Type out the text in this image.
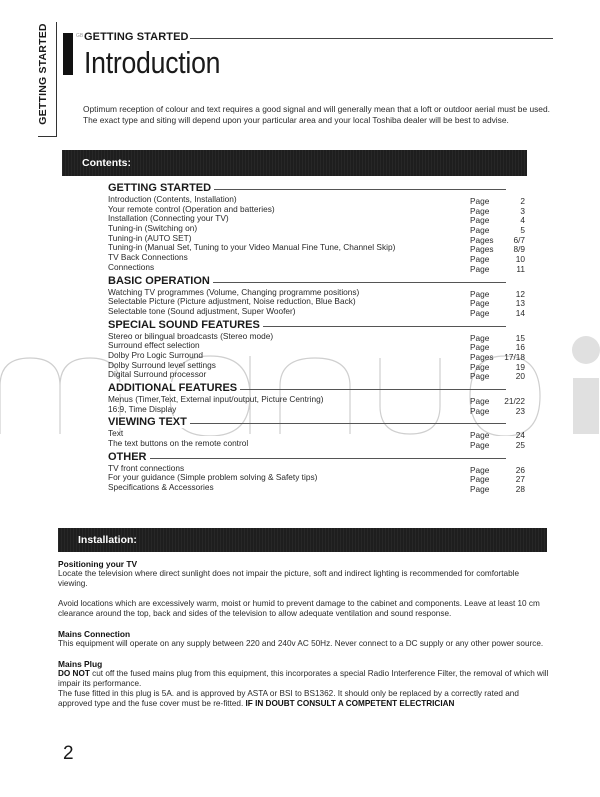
GETTING STARTED	GB GETTING STARTED
Introduction
Optimum reception of colour and text requires a good signal and will generally mean that a loft or outdoor aerial must be used. The exact type and siting will depend upon your particular area and your local Toshiba dealer will be best to advise.
Contents:
GETTING STARTED
Introduction (Contents, Installation)	Page	2
Your remote control (Operation and batteries)	Page	3
Installation (Connecting your TV)	Page	4
Tuning-in (Switching on)	Page	5
Tuning-in (AUTO SET)	Pages	6/7
Tuning-in (Manual Set, Tuning to your Video Manual Fine Tune, Channel Skip)	Pages	8/9
TV Back Connections	Page	10
Connections	Page	11
BASIC OPERATION
Watching TV programmes (Volume, Changing programme positions)	Page	12
Selectable Picture (Picture adjustment, Noise reduction, Blue Back)	Page	13
Selectable tone (Sound adjustment, Super Woofer)	Page	14
SPECIAL SOUND FEATURES
Stereo or bilingual broadcasts (Stereo mode)	Page	15
Surround effect selection	Page	16
Dolby Pro Logic Surround	Pages	17/18
Dolby Surround level settings	Page	19
Digital Surround processor	Page	20
ADDITIONAL FEATURES
Menus (Timer,Text, External input/output, Picture Centring)	Page	21/22
16:9, Time Display	Page	23
VIEWING TEXT
Text	Page	24
The text buttons on the remote control	Page	25
OTHER
TV front connections	Page	26
For your guidance (Simple problem solving & Safety tips)	Page	27
Specifications & Accessories	Page	28
Installation:
Positioning your TV

Locate the television where direct sunlight does not impair the picture, soft and indirect lighting is recommended for comfortable viewing.

Avoid locations which are excessively warm, moist or humid to prevent damage to the cabinet and components. Leave at least 10 cm clearance around the top, back and sides of the television to allow adequate ventilation and sound response.

Mains Connection

This equipment will operate on any supply between 220 and 240v AC 50Hz. Never connect to a DC supply or any other power source.

Mains Plug

DO NOT cut off the fused mains plug from this equipment, this incorporates a special Radio Interference Filter, the removal of which will impair its performance.

The fuse fitted in this plug is 5A. and is approved by ASTA or BSI to BS1362. It should only be replaced by a correctly rated and approved type and the fuse cover must be re-fitted. IF IN DOUBT CONSULT A COMPETENT ELECTRICIAN

2
